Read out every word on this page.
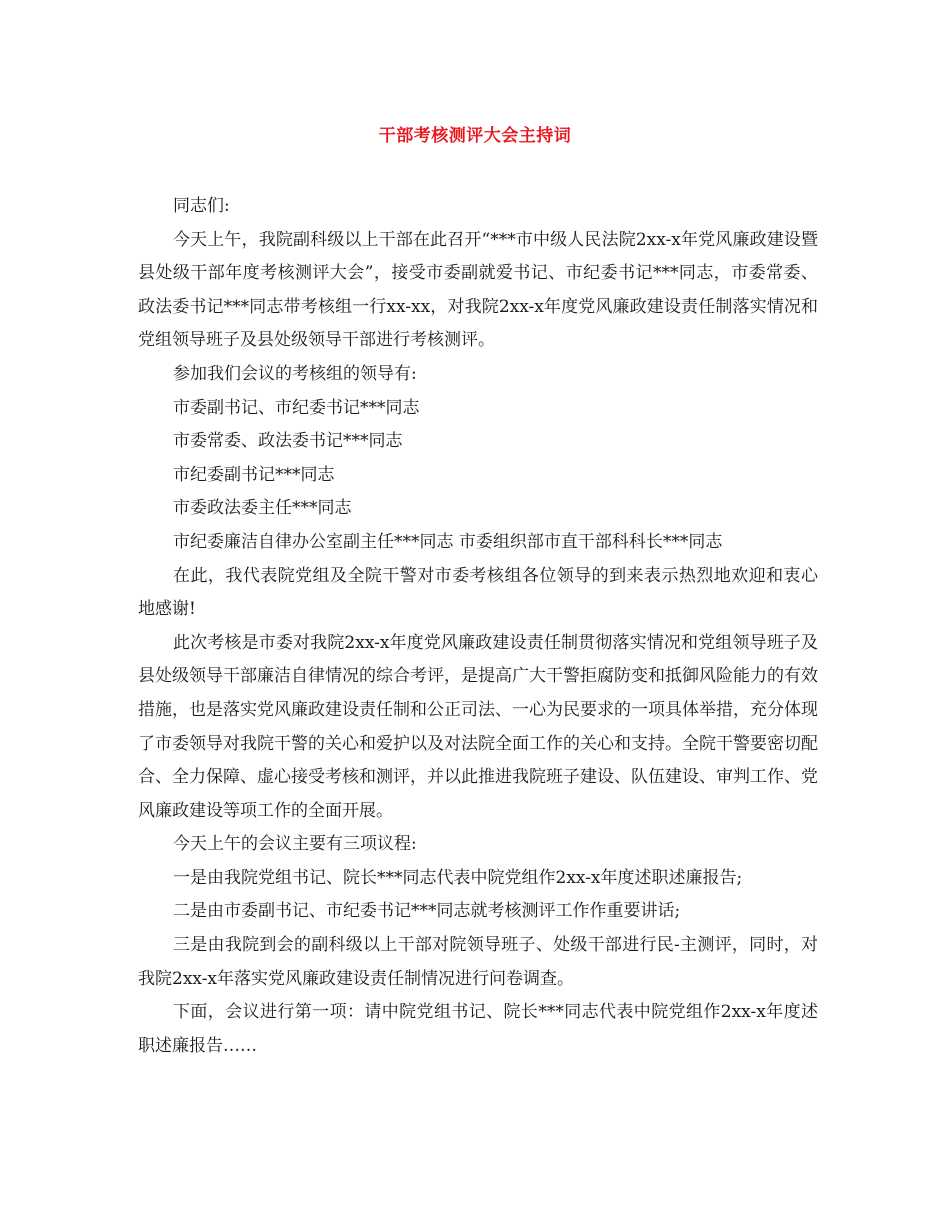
干部考核测评大会主持词

同志们:

今天上午，我院副科级以上干部在此召开“***市中级人民法院2xx-x年党风廉政建设暨县处级干部年度考核测评大会”，接受市委副就爱书记、市纪委书记***同志，市委常委、政法委书记***同志带考核组一行xx-xx，对我院2xx-x年度党风廉政建设责任制落实情况和党组领导班子及县处级领导干部进行考核测评。

参加我们会议的考核组的领导有:

市委副书记、市纪委书记***同志

市委常委、政法委书记***同志

市纪委副书记***同志

市委政法委主任***同志

市纪委廉洁自律办公室副主任***同志 市委组织部市直干部科科长***同志

在此，我代表院党组及全院干警对市委考核组各位领导的到来表示热烈地欢迎和衷心地感谢!

此次考核是市委对我院2xx-x年度党风廉政建设责任制贯彻落实情况和党组领导班子及县处级领导干部廉洁自律情况的综合考评，是提高广大干警拒腐防变和抵御风险能力的有效措施，也是落实党风廉政建设责任制和公正司法、一心为民要求的一项具体举措，充分体现了市委领导对我院干警的关心和爱护以及对法院全面工作的关心和支持。全院干警要密切配合、全力保障、虚心接受考核和测评，并以此推进我院班子建设、队伍建设、审判工作、党风廉政建设等项工作的全面开展。

今天上午的会议主要有三项议程:

一是由我院党组书记、院长***同志代表中院党组作2xx-x年度述职述廉报告;

二是由市委副书记、市纪委书记***同志就考核测评工作作重要讲话;

三是由我院到会的副科级以上干部对院领导班子、处级干部进行民-主测评，同时，对我院2xx-x年落实党风廉政建设责任制情况进行问卷调查。

下面，会议进行第一项：请中院党组书记、院长***同志代表中院党组作2xx-x年度述职述廉报告……
